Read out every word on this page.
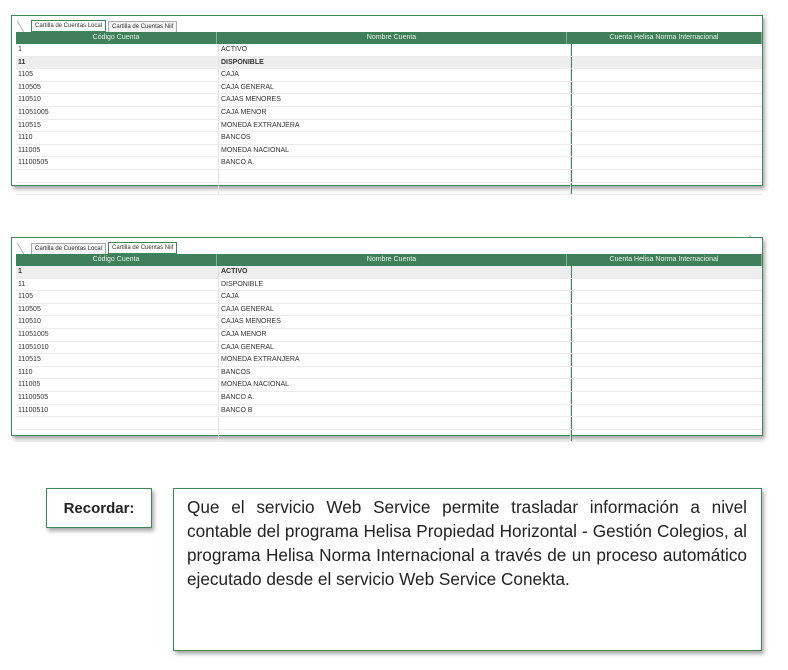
Cartilla de Cuentas Local	Cartilla de Cuentas Niif
Código Cuenta	Nombre Cuenta	Cuenta Helisa Norma Internacional
1	ACTIVO
11	DISPONIBLE
1105	CAJA
110505	CAJA GENERAL
110510	CAJAS MENORES
11051005	CAJA MENOR
110515	MONEDA EXTRANJERA
1110	BANCOS
111005	MONEDA NACIONAL
11100505	BANCO A.
– ×
Cartilla de Cuentas Local	Cartilla de Cuentas Niif
Código Cuenta	Nombre Cuenta	Cuenta Helisa Norma Internacional
1	ACTIVO
11	DISPONIBLE
1105	CAJA
110505	CAJA GENERAL
110510	CAJAS MENORES
11051005	CAJA MENOR
11051010	CAJA GENERAL
110515	MONEDA EXTRANJERA
1110	BANCOS
111005	MONEDA NACIONAL
11100505	BANCO A.
11100510	BANCO B
Recordar:	Que el servicio Web Service permite trasladar información a nivel contable del programa Helisa Propiedad Horizontal - Gestión Colegios, al programa Helisa Norma Internacional a través de un proceso automático ejecutado desde el servicio Web Service Conekta.
